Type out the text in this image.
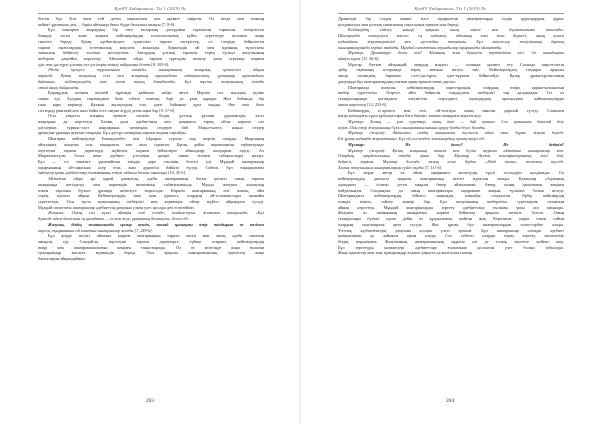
ҚазҰУ Хабаршысы. Тіл 1 (2019) №
білген бұл біле екен ғой деген ықыласпен көп қызмет сіңірген. Ол кезде мен өзімнің
кейінгі ұрпағыма деп, ... бәрін айтқанда биыл бірде басылым шықты [7, 8-6].
Бұл шығарма жыраудың бір өзге ғасырлық дәстүрінен тартылған тарихтан, өзгертілген
баяндау тәсілі және көркем кейіпкерлердің психологиялық күйін суреттеуде келешек жаңа
сипатта береді. Қазақ әдебиетіндегі түпкілікті тарихи өзгерістер, ол ілгеріде бейнелеген
тарихи оқиғалардың эстетикалық мақсаты ашылады. Көркемдік ой мен идеяның тұтастығы
эпикалық бейнелеу тәсіліне негізделген. Автордың ұлттық тарихты терең түсінуі жазушының
шеберлік деңгейін көрсетеді. Айтылған ойды тарихи тұрғыдан жеткізу үшін суреткер көркем
әдіс пен дәстүрлі ұлттық сөз үлгілерін тиімді пайдалана білген [8, 105-6].
Әдеби процесс тұрғысынан алғанда, шығарманың жанрлық ерекшелігі айқын
көрінеді. Қазақ халқының ескі мен жаңаның арасындағы сабақтастық, ұрпақтар арасындағы
байланыс, кейіпкерлердің ішкі әлемі терең баяндалады. Бұл тұста жазушының өзіндік
стилі анық байқалады.
Қарақұдық кезінен келмей тұрғанда қайғылы хабар жетті. Мерзім сол жылдың күзіне
таман еді. Аулдың сыртындағы биік төбеге шығып, бәрі де ұзақ қарады. Жол бойында бір
ғана қара көрінеді. Қалжан ақсақалдың ескі әдеті бойынша дұға оқыды. Әке мен бала
сол күнді ұмытпай көп жыл бойы есте сақтап жүрді деген аңыз бар [9, 17-6].
Осы уақытта өлеңнің ерекше сипаты біздің ұлттық рухани дүниеміздің әлсіз
жақтарын да көрсетеді. Халық ауыз әдебиетінің мол қазынасы терең ойлы көркем сөз
үлгілеріне, тұрмыс-салт жырларына, шешендік сөздерге бай. Мақал-мәтел, нақыл сөздер
ұрпақтан-ұрпаққа ауысып отырады. Бұл дәстүр халықтың тарихи жадын сақтайды.
Шығарма кейіпкерлері Бекмұхамбет пен Ыдырыс туралы сыр шертіп отырды. Мырзаның
айтуынша, жазушы осы тақырыпта көп жыл ізденген. Бұған дейін жарияланған еңбектерінде
зерттеуші тарихи деректерді жүйелеп, көркем бейнелерге айналдыру жолдарын іздеді. Ал
Мырзахметұлы болса көне әдебиет үлгілерін қазіргі заман тілімен сабақтастыра жазды.
Бұл — ол ешкімге ұқсамайтын өзіндік дара стилінің белгісі еді. Мұндай шығармалар
оқырманның ой-санасына әсер етіп, жан дүниесін байыта түседі. Сөйтіп, бұл тақырыптағы
еңбектер қазақ әдебиеттану ғылымының елеулі табысы болып саналады [10, 45-6].
Айтылған ойды әрі қарай дамытсақ, әдеби шығарманың басты қасиеті оның тарихи
шындыққа негізделуі мен көркемдік шешімінің табиғилығында. Мұнда жазушы халықтың
өткен тарихын бүгінгі ұрпаққа жеткізуге тырысады. Көркем шығарманың тілі жатық, ойы
терең, идеясы айқын. Кейіпкерлердің ішкі жан дүниесі, олардың ой-толғаныстары шынайы
суреттеледі. Осы тұста жазушының шеберлігі мен көркемдік ойлау жүйесі айқындала түседі.
Мұндай сипаттағы шығармалар әдебиеттің дамуына үлкен үлес қосады деп есептейміз.
Жазушы: Оның сол күнгі айтқан сөзі есімде, ағайын-туыс жиналып отырғанда: «Бұл
дүниеде адам баласына ең қымбаты — ел мен жер, ұрпақтың болашағы» деген еді.
Жазушы, біздің заманымызда ғұмыр кешіп, талай қызықты өмір тағдырын өз көзімен
көрген, оқырманына ой салатын шығармалар жазды [7, 249-6].
Бұл жерде негізгі ойымыз көркем шығарманың тарихи негізі мен оның әдеби сипатын
анықтау еді. Сондай-ақ зерттеуші тарихи деректерге сүйене отырып, кейіпкерлердің
өмірі мен шығармашылығын кеңінен таныстырады. Ол өз кезегінде жаңа ғылыми
тұжырымдар жасауға мүмкіндік береді. Осы арқылы шығармашылық ізденістің жаңа
бағыттарын айқындаймыз.
203
ҚазҰУ Хабаршысы. Тіл 1 (2019) №
Драматург бір тілден екінші тілге аударылған шығармаларда тілдік құралдардың дұрыс
қолданылуы мен ұлттық сипатының сақталуына ерекше мән береді.
Кейіпкердің сөйлеу мәнері арқылы оның мінезі мен дүниетанымы ашылады.
Шығармада көтерілген мәселе, ең алдымен, адамның ішкі жан дүниесі, оның қоғам
алдындағы жауапкершілігі мен ар-ождан тазалығы. Бұл мәселелер жазушының барлық
шығармаларында көрініс табады. Мұндай сипаттағы туындылар оқырманды ойлантады.
Мұхтар: Драматург деген кім? Адамның жан дүниесін зерттейтін кісі. Ол шындықты
айтуы керек [11, 56-6].
Мұхтар Әуезов айтқандай, өнердің міндеті — халыққа қызмет ету. Сахнада көрсетілетін
әрбір оқиғаның астарында терең мағына жатуы тиіс. Кейіпкерлердің тағдыры арқылы
автор халықтың тарихын, салт-дәстүрін, әдет-ғұрпын бейнелейді. Қазақ драматургиясының
дамуында бұл шығармалардың алатын орны ерекше екені даусыз.
Шығармада жазушы кейіпкерлердің мінез-құлқын, олардың өзара қарым-қатынасын
шебер суреттеген. Әсіресе әйел бейнесін сомдаудағы шеберлігі таң қалдырады. Ол өз
туындыларында қоғамдағы әлеуметтік теңсіздікті, адамдардың арасындағы қайшылықтарды
ашып көрсетеді [12, 233-6].
Кейіпкердің іс-әрекеті мен сөзі, ой-толғауы оның мінезін даралай түседі. Сонымен
қатар қоғамдағы түрлі құбылыстарға баға беріліп, замана шындығы көрсетіледі.
Мұхтар: Халық — ұлы суреткер, оның тілі — бай қазына. Сол қазынаны бағалай білу
керек. Осы пікір жазушының бүкіл шығармашылығына арқау болды деуге болады.
Мұхтар (жауап): Айтылған сөздің мағынасын түсінген адам ғана дұрыс жауап береді.
Біз ұрпақ алдында жауаптымыз. Бұл ой сол кездегі зиялылардың ортақ пікірі еді.
Мұхтар: Не деген? Не дейтін?
Мұхтар (жауап): Қазақ халқының өткені мен бүгіні туралы айтатын шығармалар көп.
Олардың әрқайсысының өзіндік орны бар. Мұхтар Әуезов шығармаларының тілі бай,
бейнелі, көркем. Мұхтар дегенде халық есіне бірден «Абай жолы» эпопеясы түседі.
Халық жазушының шығармаларын сүйіп оқиды [7, 111-6].
Бұл жерде автор өз ойын оқырманға жеткізудің түрлі тәсілдерін қолданады. Ол
кейіпкерлердің диалогы арқылы шығарманың негізгі идеясын ашады. Қазақтың «Адамның
адамдығы — ісінен» деген мақалы бекер айтылмаған. Автор халық даналығын кеңінен
пайдаланады. Сондықтан да оның шығармалары оқырманға жақын, түсінікті болып келеді.
Шығармадағы кейіпкерлердің бейнесі нанымды, шынайы сомдалған. Әрбір кейіпкердің
өзіндік мінезі, сөйлеу мәнері бар. Бұл жазушының шеберлігін, суреткерлік талантын
айқын көрсетеді. Мұндай шығармаларды зерттеу әдебиеттану ғылымы үшін аса маңызды.
Жазушы өз заманының шындығын көркем бейнелер арқылы жеткізе білген. Оның
туындылары бүгінгі күнге дейін өз құндылығын жойған жоқ. Керісінше, уақыт өткен сайын
олардың мән-маңызы арта түсуде. Жас ұрпақ бұл шығармалардан тәлім-тәрбие алады.
Ұлттық әдебиетіміздің дамуына қосқан үлесі ерекше. Бұл шығармалар әлемдік әдебиет
қазынасынан да лайықты орын алады. Сол себепті оларды терең зерттеу, насихаттау
біздің парызымыз. Жазушының шығармашылық мұрасы әлі де толық зерттеле қойған жоқ.
Бұл зерттеудің нәтижелері әдебиеттану ғылымына қосылған үлес болып табылады.
Жаңа ізденістер мен тың тұжырымдар алдағы уақытта да жалғасын таппақ.
204
